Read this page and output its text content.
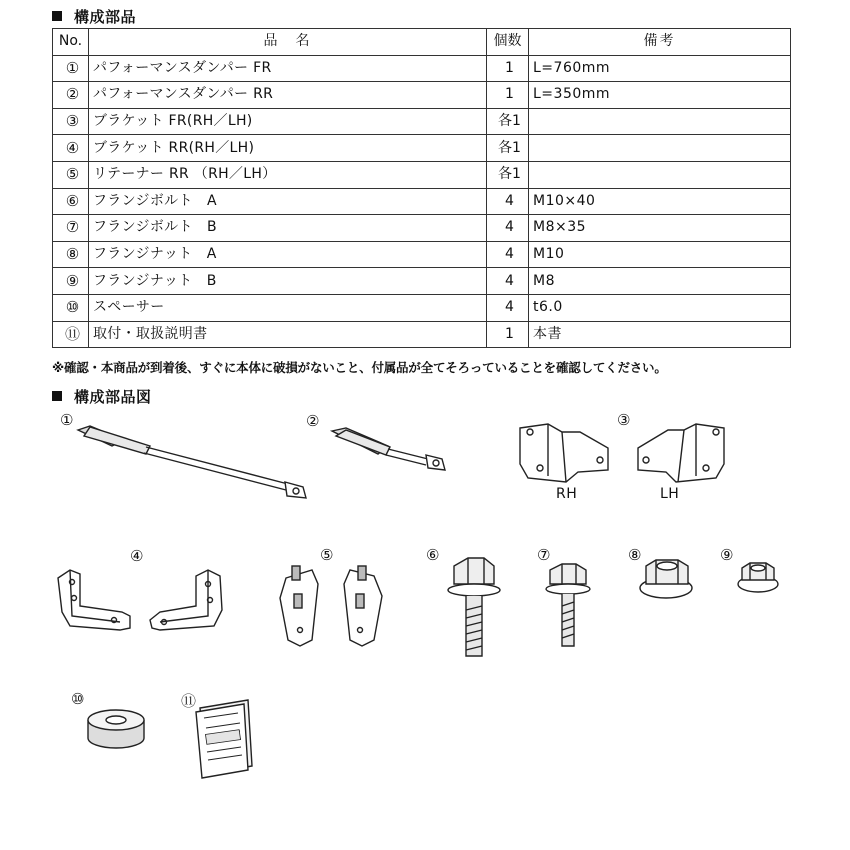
構成部品
No.	品　名	個数	備考
①	パフォーマンスダンパー FR	1	L=760mm
②	パフォーマンスダンパー RR	1	L=350mm
③	ブラケット FR(RH／LH)	各1	
④	ブラケット RR(RH／LH)	各1	
⑤	リテーナー RR （RH／LH）	各1	
⑥	フランジボルト　A	4	M10×40
⑦	フランジボルト　B	4	M8×35
⑧	フランジナット　A	4	M10
⑨	フランジナット　B	4	M8
⑩	スペーサー	4	t6.0
⑪	取付・取扱説明書	1	本書
※確認・本商品が到着後、すぐに本体に破損がないこと、付属品が全てそろっていることを確認してください。
構成部品図
①	②	③
RH	LH
④	⑤	⑥	⑦	⑧	⑨
⑩	⑪
